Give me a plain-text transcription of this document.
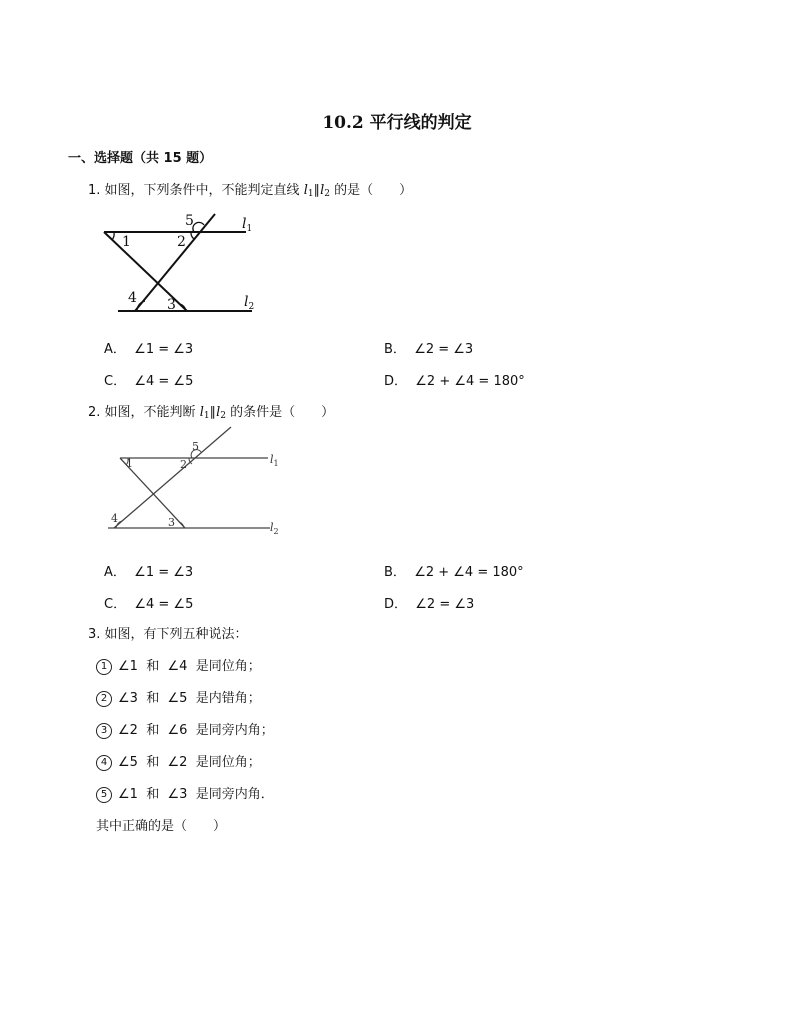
10.2 平行线的判定
一、选择题（共 15 题）
1. 如图，下列条件中，不能判定直线 $l_1\parallel l_2$ 的是（　　）
1	2
5
4 3
$l_1$
$l_2$
A． ∠1 = ∠3	B． ∠2 = ∠3
C． ∠4 = ∠5	D． ∠2 + ∠4 = 180°
2. 如图，不能判断 $l_1\parallel l_2$ 的条件是（　　）
1	2
5
4	3
$l_1$
$l_2$
A． ∠1 = ∠3	B． ∠2 + ∠4 = 180°
C． ∠4 = ∠5	D． ∠2 = ∠3
3. 如图，有下列五种说法：
1 ∠1 和 ∠4 是同位角；
2 ∠3 和 ∠5 是内错角；
3 ∠2 和 ∠6 是同旁内角；
4 ∠5 和 ∠2 是同位角；
5 ∠1 和 ∠3 是同旁内角．
其中正确的是（　　）
